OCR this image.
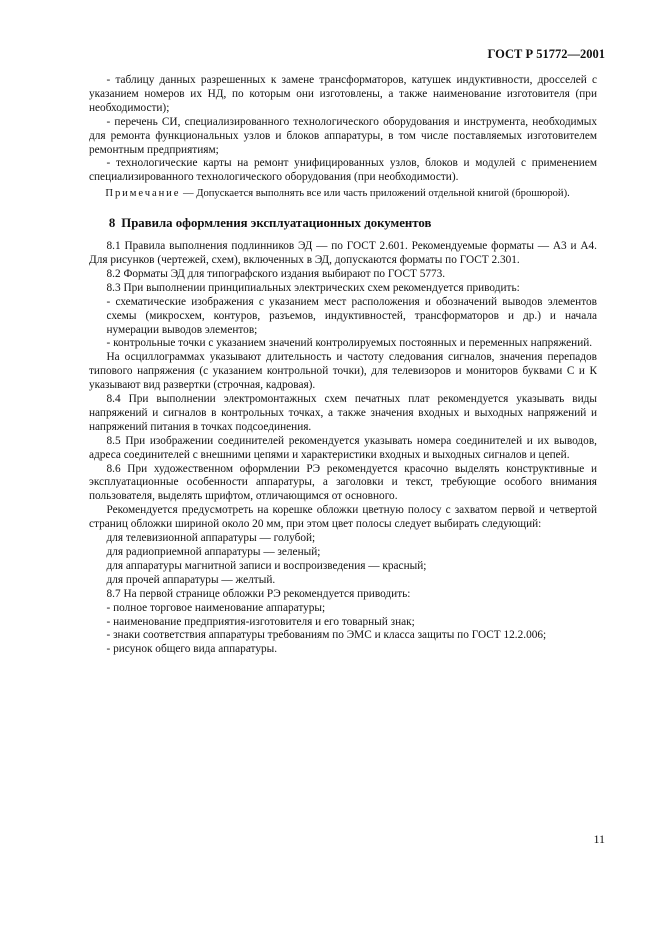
ГОСТ Р 51772—2001

- таблицу данных разрешенных к замене трансформаторов, катушек индуктивности, дросселей с указанием номеров их НД, по которым они изготовлены, а также наименование изготовителя (при необходимости);

- перечень СИ, специализированного технологического оборудования и инструмента, необходимых для ремонта функциональных узлов и блоков аппаратуры, в том числе поставляемых изготовителем ремонтным предприятиям;

- технологические карты на ремонт унифицированных узлов, блоков и модулей с применением специализированного технологического оборудования (при необходимости).

Примечание — Допускается выполнять все или часть приложений отдельной книгой (брошюрой).

8 Правила оформления эксплуатационных документов

8.1 Правила выполнения подлинников ЭД — по ГОСТ 2.601. Рекомендуемые форматы — А3 и А4. Для рисунков (чертежей, схем), включенных в ЭД, допускаются форматы по ГОСТ 2.301.

8.2 Форматы ЭД для типографского издания выбирают по ГОСТ 5773.

8.3 При выполнении принципиальных электрических схем рекомендуется приводить:

- схематические изображения с указанием мест расположения и обозначений выводов элементов схемы (микросхем, контуров, разъемов, индуктивностей, трансформаторов и др.) и начала нумерации выводов элементов;

- контрольные точки с указанием значений контролируемых постоянных и переменных напряжений.

На осциллограммах указывают длительность и частоту следования сигналов, значения перепадов типового напряжения (с указанием контрольной точки), для телевизоров и мониторов буквами С и К указывают вид развертки (строчная, кадровая).

8.4 При выполнении электромонтажных схем печатных плат рекомендуется указывать виды напряжений и сигналов в контрольных точках, а также значения входных и выходных напряжений и напряжений питания в точках подсоединения.

8.5 При изображении соединителей рекомендуется указывать номера соединителей и их выводов, адреса соединителей с внешними цепями и характеристики входных и выходных сигналов и цепей.

8.6 При художественном оформлении РЭ рекомендуется красочно выделять конструктивные и эксплуатационные особенности аппаратуры, а заголовки и текст, требующие особого внимания пользователя, выделять шрифтом, отличающимся от основного.

Рекомендуется предусмотреть на корешке обложки цветную полосу с захватом первой и четвертой страниц обложки шириной около 20 мм, при этом цвет полосы следует выбирать следующий:

для телевизионной аппаратуры — голубой;

для радиоприемной аппаратуры — зеленый;

для аппаратуры магнитной записи и воспроизведения — красный;

для прочей аппаратуры — желтый.

8.7 На первой странице обложки РЭ рекомендуется приводить:

- полное торговое наименование аппаратуры;

- наименование предприятия-изготовителя и его товарный знак;

- знаки соответствия аппаратуры требованиям по ЭМС и класса защиты по ГОСТ 12.2.006;

- рисунок общего вида аппаратуры.

11
